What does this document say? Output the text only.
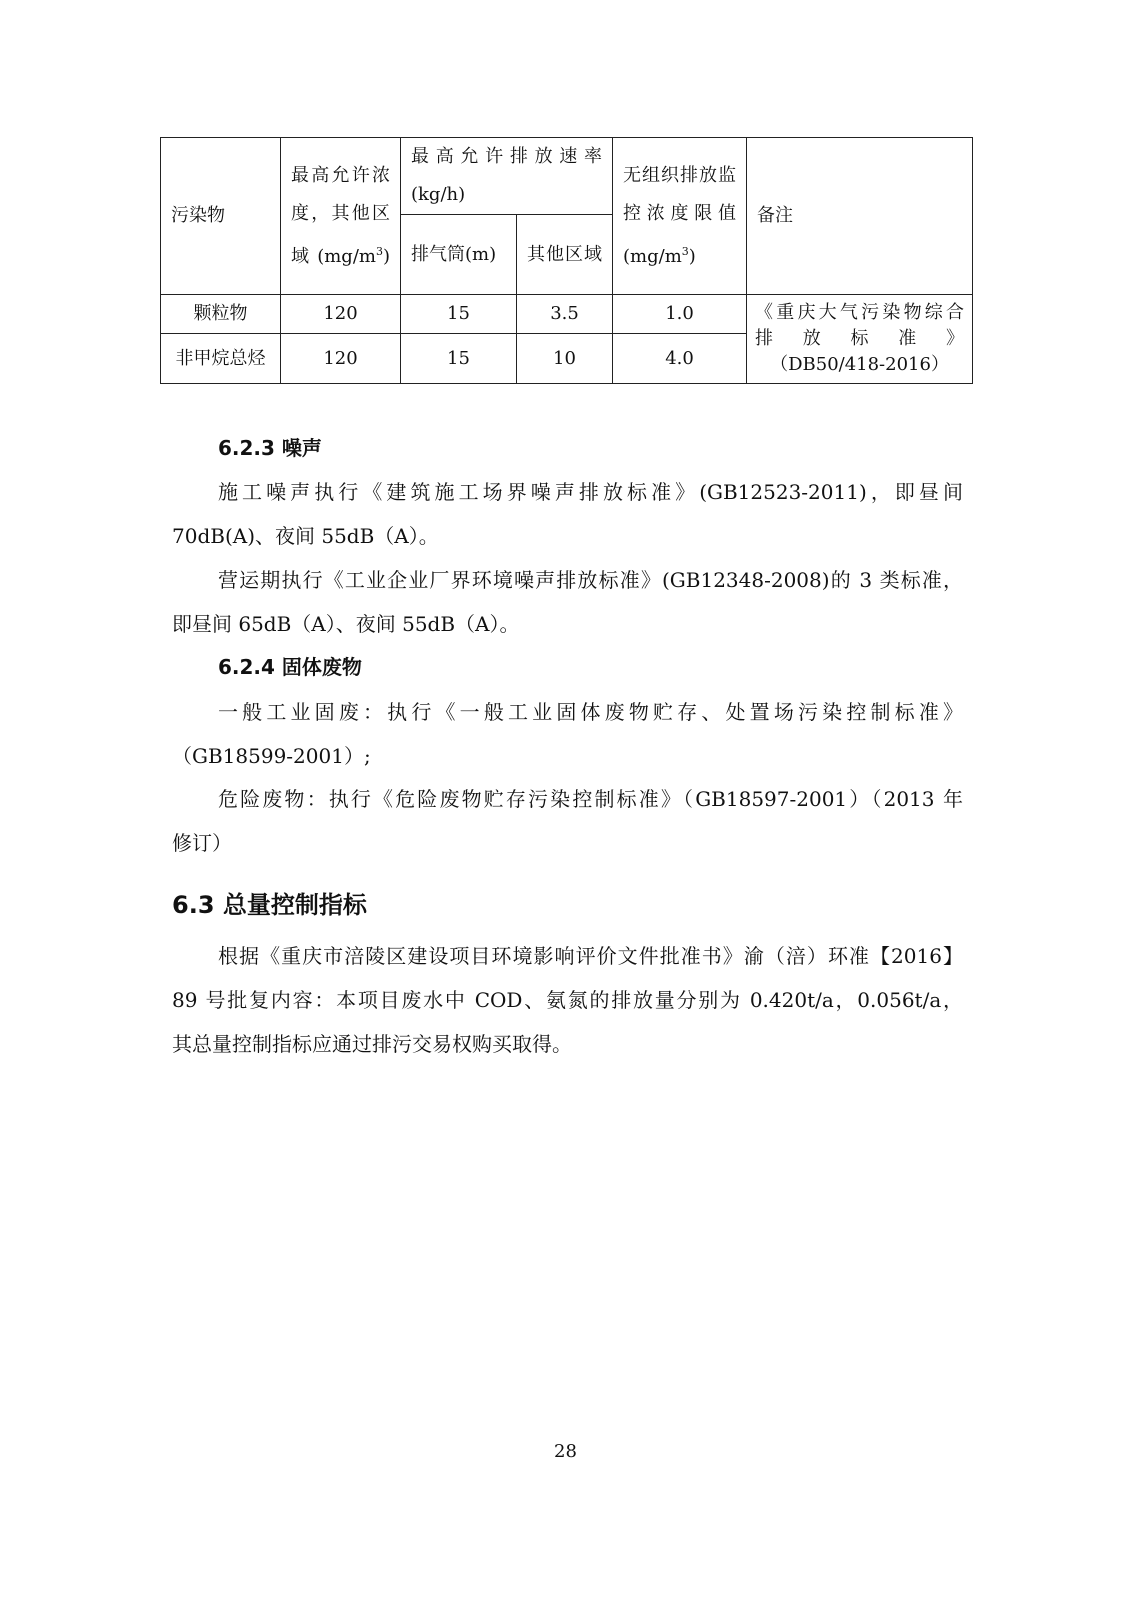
污染物	最高允许浓度，其他区域$(mg/m^3)$	最高允许排放速率(kg/h)		无组织排放监控浓度限值$(mg/m^3)$	备注
		排气筒(m)	其他区域		

颗粒物	120	15	3.5	1.0	《重庆大气污染物综合
排放标准》
（DB50/418-2016）

非甲烷总烃	120	15	10	4.0	
6.2.3 噪声
施工噪声执行《建筑施工场界噪声排放标准》(GB12523-2011)，即昼间
70dB(A)、夜间 55dB（A）。
营运期执行《工业企业厂界环境噪声排放标准》(GB12348-2008)的 3 类标准，
即昼间 65dB（A）、夜间 55dB（A）。
6.2.4 固体废物
一般工业固废：执行《一般工业固体废物贮存、处置场污染控制标准》
（GB18599-2001）;
危险废物：执行《危险废物贮存污染控制标准》（GB18597-2001）（2013 年
修订）
6.3 总量控制指标
根据《重庆市涪陵区建设项目环境影响评价文件批准书》渝（涪）环准【2016】
89 号批复内容：本项目废水中 COD、氨氮的排放量分别为 0.420t/a，0.056t/a，
其总量控制指标应通过排污交易权购买取得。
28
